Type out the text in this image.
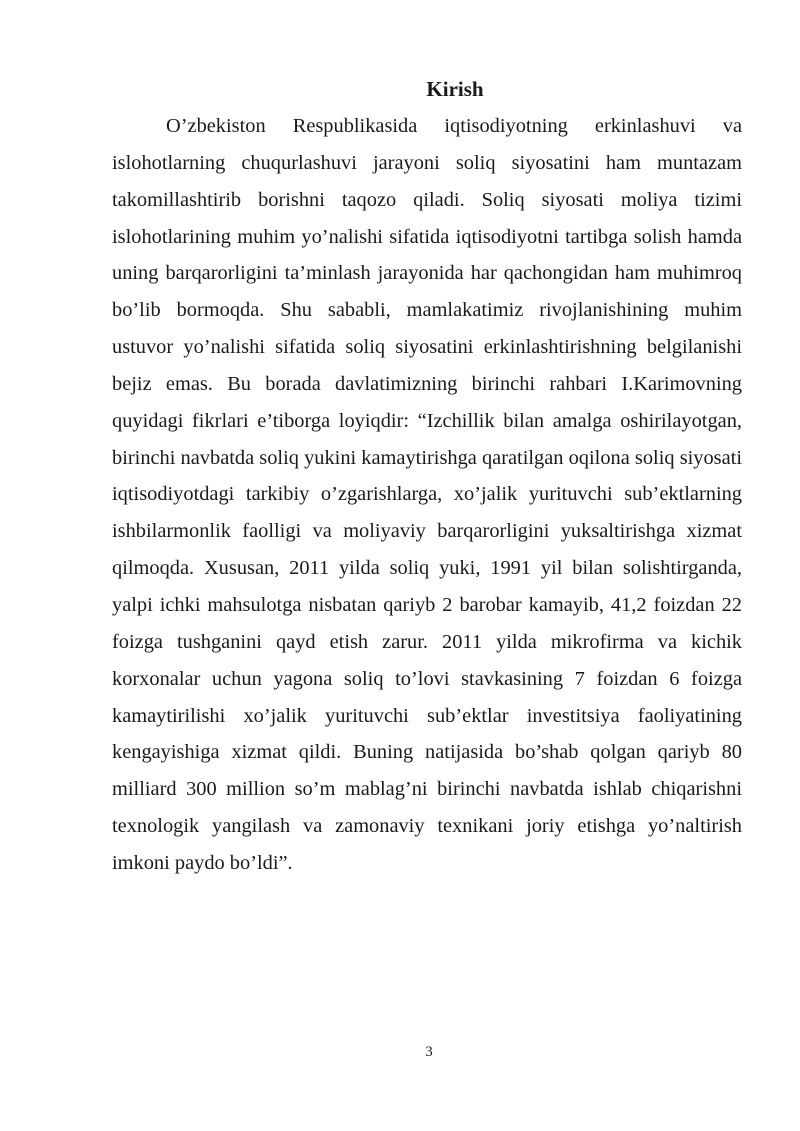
Kirish

O’zbekiston Respublikasida iqtisodiyotning erkinlashuvi va islohotlarning chuqurlashuvi jarayoni soliq siyosatini ham muntazam takomillashtirib borishni taqozo qiladi. Soliq siyosati moliya tizimi islohotlarining muhim yo’nalishi sifatida iqtisodiyotni tartibga solish hamda uning barqarorligini ta’minlash jarayonida har qachongidan ham muhimroq bo’lib bormoqda. Shu sababli, mamlakatimiz rivojlanishining muhim ustuvor yo’nalishi sifatida soliq siyosatini erkinlashtirishning belgilanishi bejiz emas. Bu borada davlatimizning birinchi rahbari I.Karimovning quyidagi fikrlari e’tiborga loyiqdir: “Izchillik bilan amalga oshirilayotgan, birinchi navbatda soliq yukini kamaytirishga qaratilgan oqilona soliq siyosati iqtisodiyotdagi tarkibiy o’zgarishlarga, xo’jalik yurituvchi sub’ektlarning ishbilarmonlik faolligi va moliyaviy barqarorligini yuksaltirishga xizmat qilmoqda. Xususan, 2011 yilda soliq yuki, 1991 yil bilan solishtirganda, yalpi ichki mahsulotga nisbatan qariyb 2 barobar kamayib, 41,2 foizdan 22 foizga tushganini qayd etish zarur. 2011 yilda mikrofirma va kichik korxonalar uchun yagona soliq to’lovi stavkasining 7 foizdan 6 foizga kamaytirilishi xo’jalik yurituvchi sub’ektlar investitsiya faoliyatining kengayishiga xizmat qildi. Buning natijasida bo’shab qolgan qariyb 80 milliard 300 million so’m mablag’ni birinchi navbatda ishlab chiqarishni texnologik yangilash va zamonaviy texnikani joriy etishga yo’naltirish imkoni paydo bo’ldi”.

3
